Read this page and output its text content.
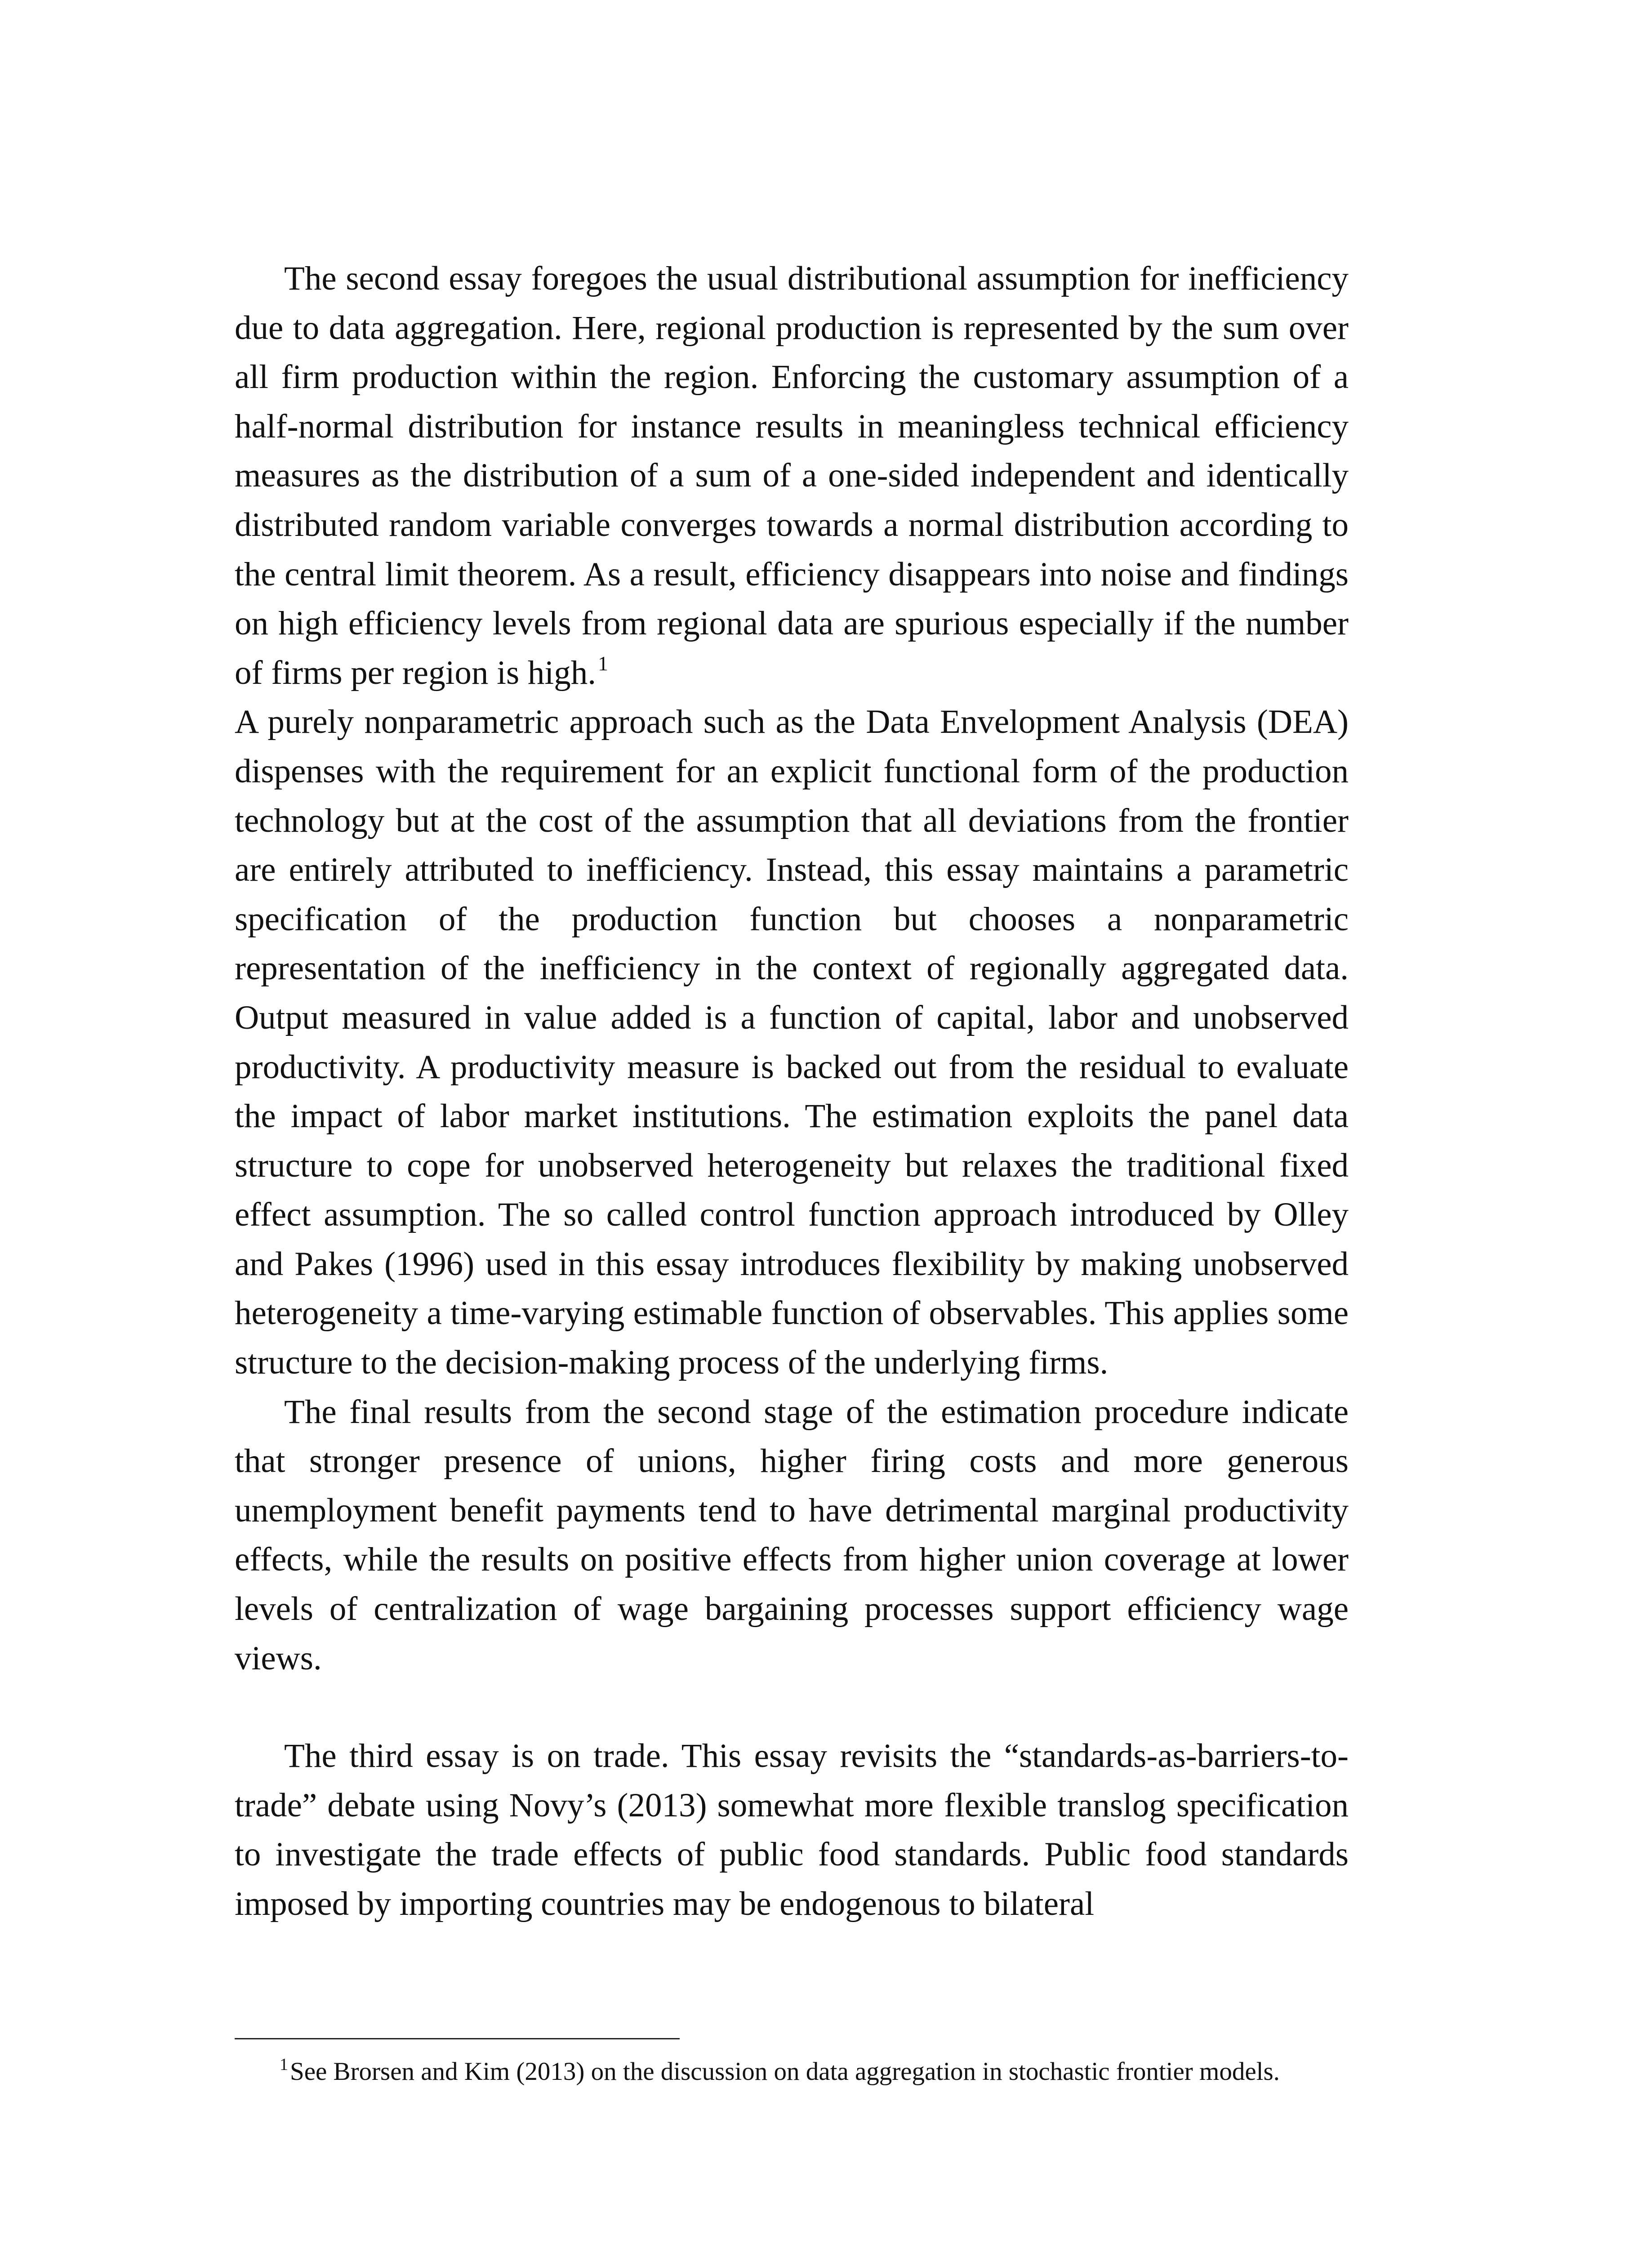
The second essay foregoes the usual distributional assumption for inefficiency due to data aggregation. Here, regional production is represented by the sum over all firm production within the region. Enforcing the customary assumption of a half-normal distribution for instance results in meaningless technical efficiency measures as the distribution of a sum of a one-sided independent and identically distributed random variable converges towards a normal distribution according to the central limit theorem. As a result, efficiency disappears into noise and findings on high efficiency levels from regional data are spurious especially if the number of firms per region is high.$^1$
A purely nonparametric approach such as the Data Envelopment Analysis (DEA) dispenses with the requirement for an explicit functional form of the production technology but at the cost of the assumption that all deviations from the frontier are entirely attributed to inefficiency. Instead, this essay maintains a parametric specification of the production function but chooses a nonparametric representation of the inefficiency in the context of regionally aggregated data. Output measured in value added is a function of capital, labor and unobserved productivity. A productivity measure is backed out from the residual to evaluate the impact of labor market institutions. The estimation exploits the panel data structure to cope for unobserved heterogeneity but relaxes the traditional fixed effect assumption. The so called control function approach introduced by Olley and Pakes (1996) used in this essay introduces flexibility by making unobserved heterogeneity a time-varying estimable function of observables. This applies some structure to the decision-making process of the underlying firms.

The final results from the second stage of the estimation procedure indicate that stronger presence of unions, higher firing costs and more generous unemployment benefit payments tend to have detrimental marginal productivity effects, while the results on positive effects from higher union coverage at lower levels of centralization of wage bargaining processes support efficiency wage views.

The third essay is on trade. This essay revisits the “standards-as-barriers-to-trade” debate using Novy’s (2013) somewhat more flexible translog specification to investigate the trade effects of public food standards. Public food standards imposed by importing countries may be endogenous to bilateral

$^1$See Brorsen and Kim (2013) on the discussion on data aggregation in stochastic frontier models.
